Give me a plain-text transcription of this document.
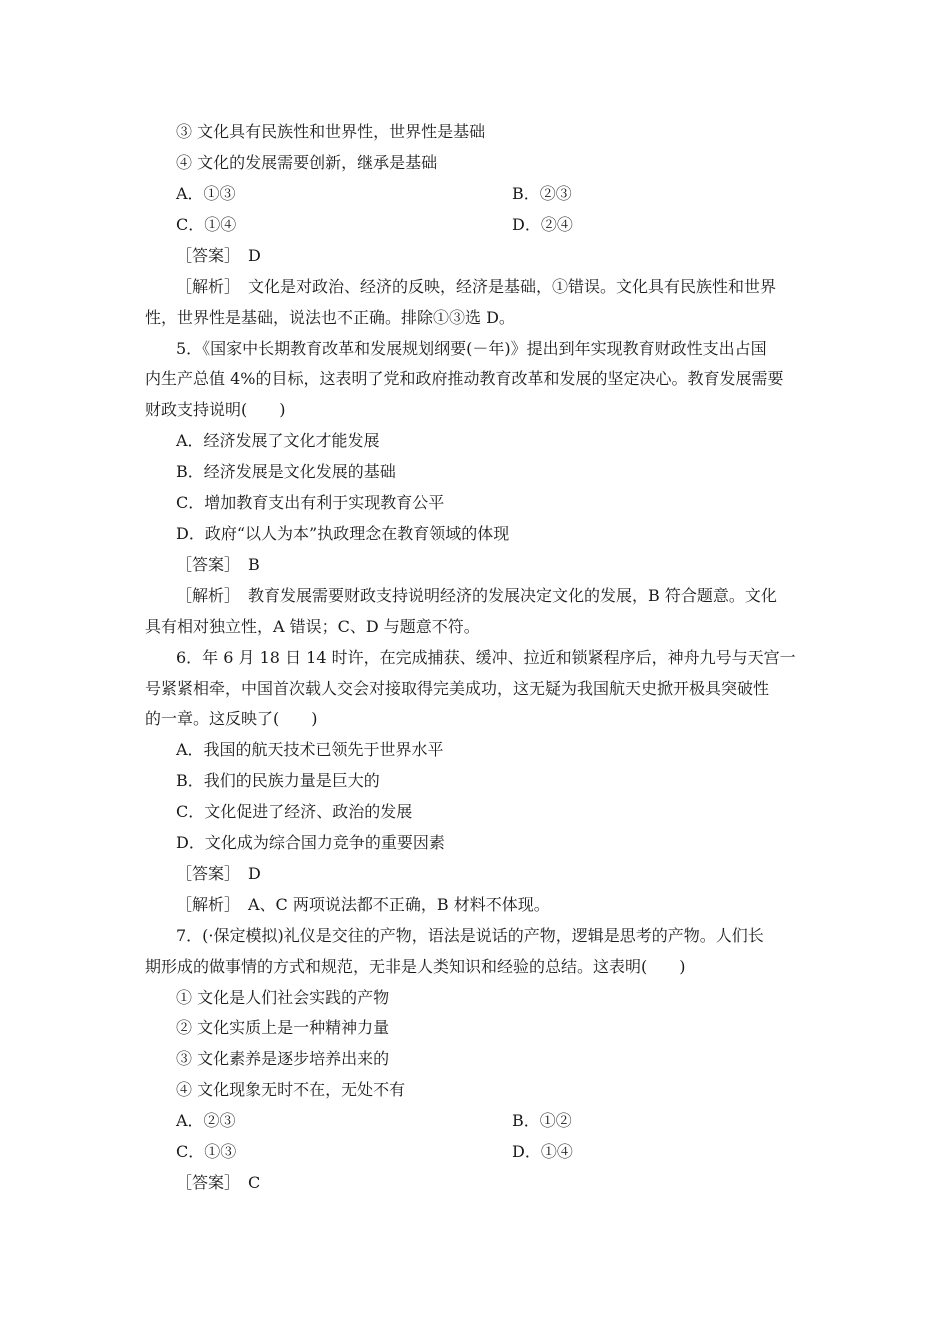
③ 文化具有民族性和世界性，世界性是基础
④ 文化的发展需要创新，继承是基础
A．①③	B．②③
C．①④	D．②④
［答案］　D
［解析］　文化是对政治、经济的反映，经济是基础，①错误。文化具有民族性和世界
性，世界性是基础，说法也不正确。排除①③选 D。
5．《国家中长期教育改革和发展规划纲要(－年)》提出到年实现教育财政性支出占国
内生产总值 4%的目标，这表明了党和政府推动教育改革和发展的坚定决心。教育发展需要
财政支持说明(　　)
A．经济发展了文化才能发展
B．经济发展是文化发展的基础
C．增加教育支出有利于实现教育公平
D．政府“以人为本”执政理念在教育领域的体现
［答案］　B
［解析］　教育发展需要财政支持说明经济的发展决定文化的发展，B 符合题意。文化
具有相对独立性，A 错误；C、D 与题意不符。
6．年 6 月 18 日 14 时许，在完成捕获、缓冲、拉近和锁紧程序后，神舟九号与天宫一
号紧紧相牵，中国首次载人交会对接取得完美成功，这无疑为我国航天史掀开极具突破性
的一章。这反映了(　　)
A．我国的航天技术已领先于世界水平
B．我们的民族力量是巨大的
C．文化促进了经济、政治的发展
D．文化成为综合国力竞争的重要因素
［答案］　D
［解析］　A、C 两项说法都不正确，B 材料不体现。
7．(·保定模拟)礼仪是交往的产物，语法是说话的产物，逻辑是思考的产物。人们长
期形成的做事情的方式和规范，无非是人类知识和经验的总结。这表明(　　)
① 文化是人们社会实践的产物
② 文化实质上是一种精神力量
③ 文化素养是逐步培养出来的
④ 文化现象无时不在，无处不有
A．②③	B．①②
C．①③	D．①④
［答案］　C
